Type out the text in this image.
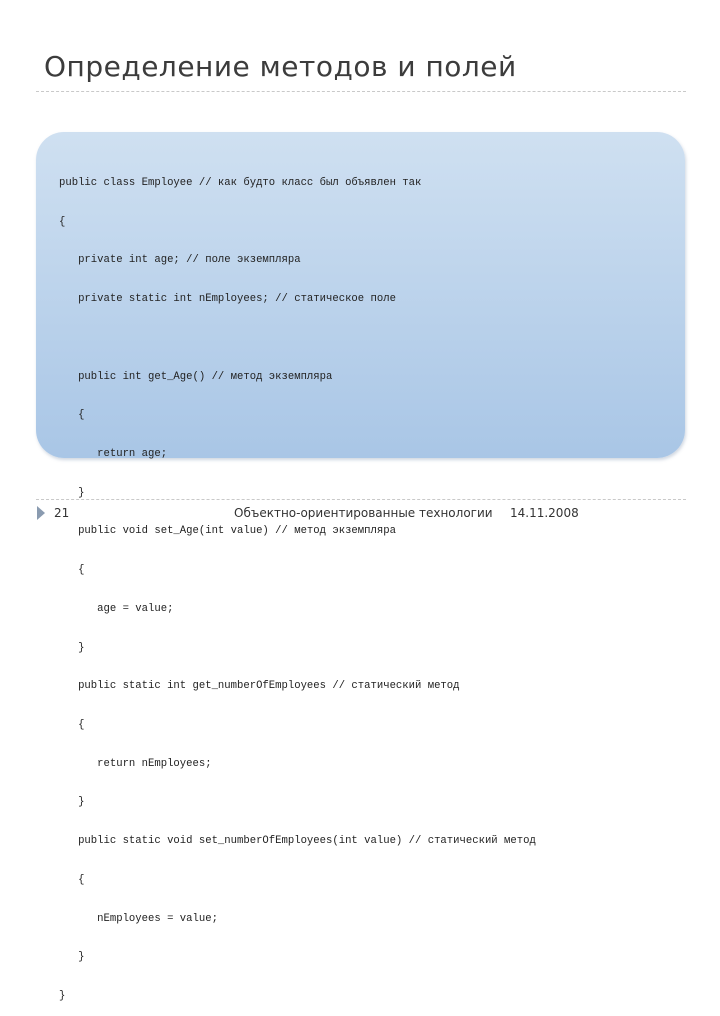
Определение методов и полей

public class Employee // как будто класс был объявлен так

{

private int age; // поле экземпляра

private static int nEmployees; // статическое поле

public int get_Age() // метод экземпляра

{

return age;

}

public void set_Age(int value) // метод экземпляра

{

age = value;

}

public static int get_numberOfEmployees // статический метод

{

return nEmployees;

}

public static void set_numberOfEmployees(int value) // статический метод

{

nEmployees = value;

}

}

21	Объектно-ориентированные технологии 14.11.2008
